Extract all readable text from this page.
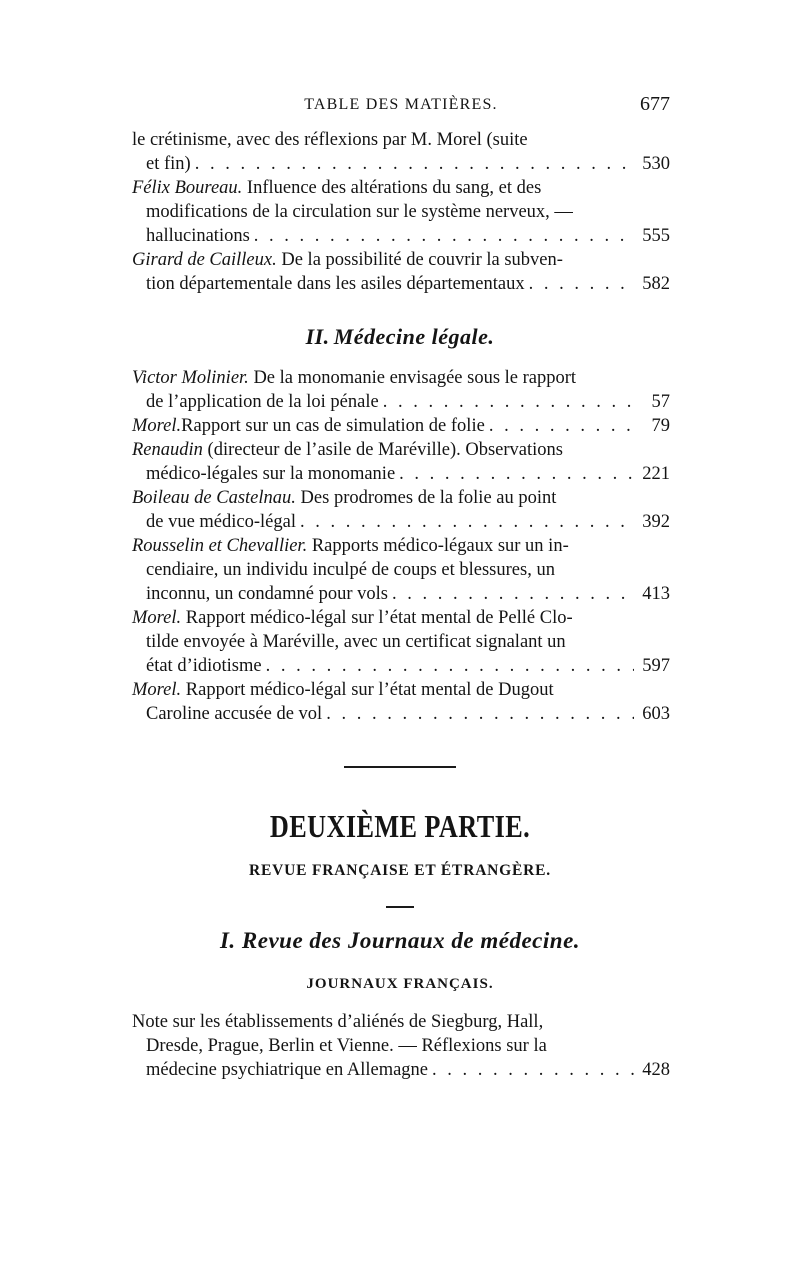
TABLE DES MATIÈRES.	677
le crétinisme, avec des réflexions par M. Morel (suite
et fin) . . .	530
Félix Boureau. Influence des altérations du sang, et des
modifications de la circulation sur le système nerveux, —
hallucinations . . .	555
Girard de Cailleux. De la possibilité de couvrir la subven-
tion départementale dans les asiles départementaux . . .	582
II. Médecine légale.
Victor Molinier. De la monomanie envisagée sous le rapport
de l’application de la loi pénale . . .	57
Morel. Rapport sur un cas de simulation de folie . . .	79
Renaudin (directeur de l’asile de Maréville). Observations
médico-légales sur la monomanie . . .	221
Boileau de Castelnau. Des prodromes de la folie au point
de vue médico-légal . . .	392
Rousselin et Chevallier. Rapports médico-légaux sur un in-
cendiaire, un individu inculpé de coups et blessures, un
inconnu, un condamné pour vols . . .	413
Morel. Rapport médico-légal sur l’état mental de Pellé Clo-
tilde envoyée à Maréville, avec un certificat signalant un
état d’idiotisme . . .	597
Morel. Rapport médico-légal sur l’état mental de Dugout
Caroline accusée de vol . . .	603
DEUXIÈME PARTIE.
REVUE FRANÇAISE ET ÉTRANGÈRE.
I. Revue des Journaux de médecine.
JOURNAUX FRANÇAIS.
Note sur les établissements d’aliénés de Siegburg, Hall,
Dresde, Prague, Berlin et Vienne. — Réflexions sur la
médecine psychiatrique en Allemagne . . .	428
